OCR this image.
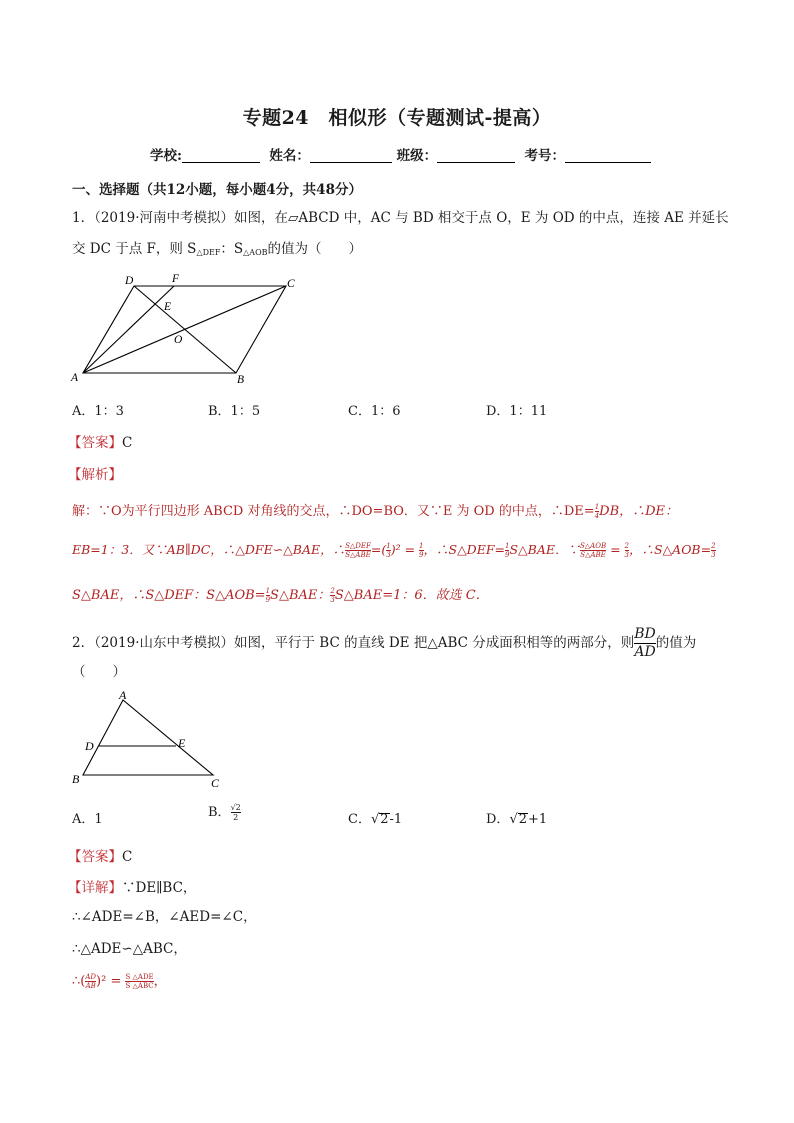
专题24　相似形（专题测试-提高）
学校:	姓名：	班级：	考号：
一、选择题（共12小题，每小题4分，共48分）
1．（2019·河南中考模拟）如图，在▱ABCD 中，AC 与 BD 相交于点 O，E 为 OD 的中点，连接 AE 并延长
交 DC 于点 F，则 $S_{\triangle DEF}$：$S_{\triangle AOB}$的值为（　　）
A	B
C
D
E
F
O
A．1：3	B．1：5	C．1：6	D．1：11
【答案】C
【解析】
解：∵O为平行四边形 ABCD 对角线的交点，∴DO=BO．又∵E 为 OD 的中点，∴DE= $\frac{1}{4}$ DB，∴DE：
EB=1：3．又∵AB∥DC，∴△DFE∽△BAE，∴ $\frac{\text{S△DEF}}{\text{S△ABE}}$ =( $\frac{1}{3} )^2 = \frac{1}{9}$ ，∴S△DEF= $\frac{1}{9}$ S△BAE．∵ $\frac{\text{S△AOB}}{\text{S△ABE}} = \frac{2}{3}$ ，∴S△AOB= $\frac{2}{3}$
S△BAE，∴S△DEF：S△AOB= $\frac{1}{9}$ S△BAE： $\frac{2}{3}$ S△BAE=1：6．故选 C．
2．（2019·山东中考模拟）如图，平行于 BC 的直线 DE 把△ABC 分成面积相等的两部分，则 $\frac{BD}{AD}$ 的值为
（　　）
A
B	C
D	E
A．1	B． $\frac{√2}{2}$	C．√2-1	D．√2+1
【答案】C
【详解】∵DE∥BC，
∴∠ADE=∠B，∠AED=∠C，
∴△ADE∽△ABC，
∴( $\frac{AD}{AB} )^2 = \frac{\text{S △ADE}}{\text{S △ABC}}$ ，
